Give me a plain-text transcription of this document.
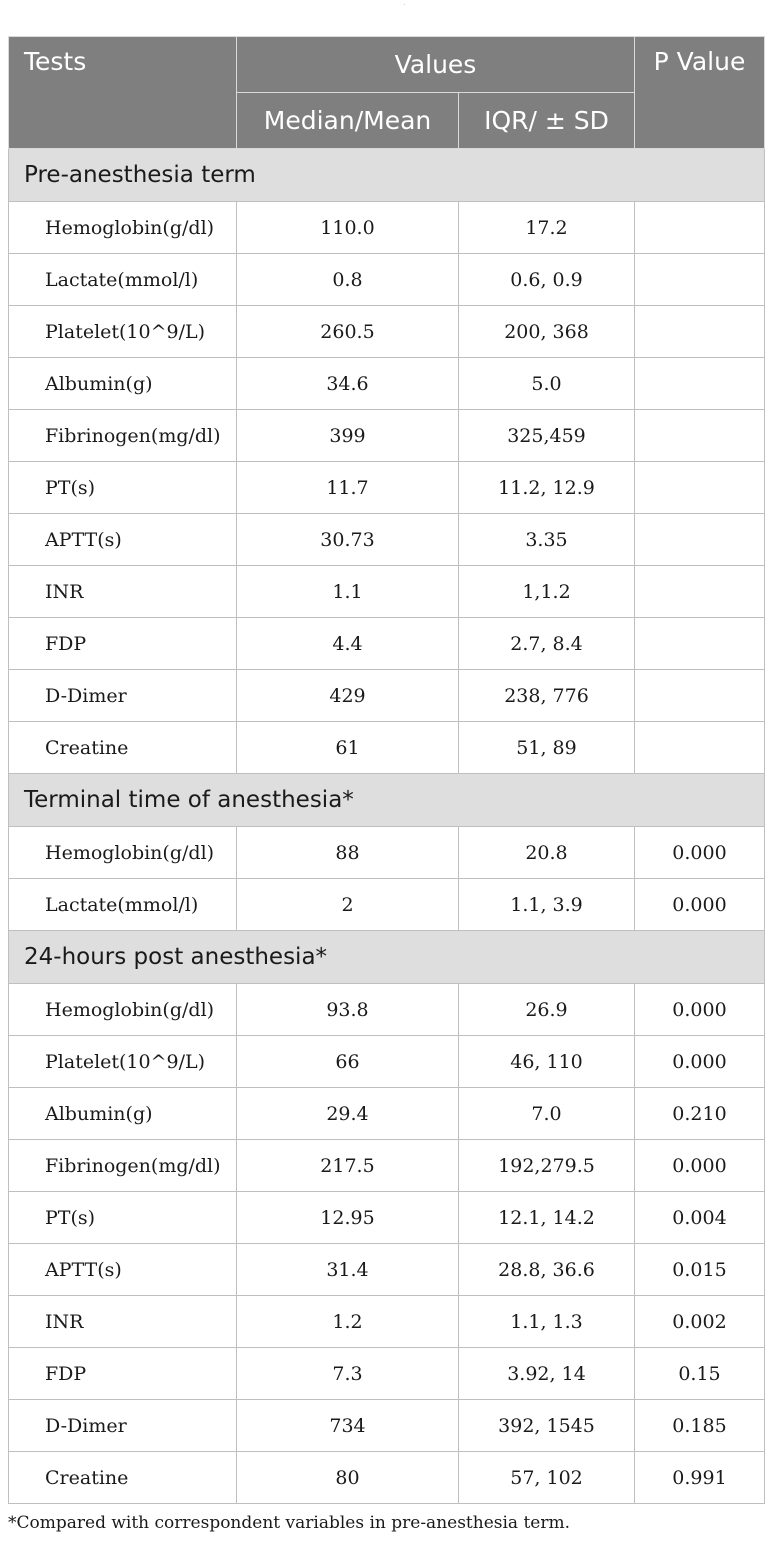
·
Tests	Values		P Value
	Median/Mean	IQR/ ± SD	
Pre-anesthesia term			
Hemoglobin(g/dl)	110.0	17.2	
Lactate(mmol/l)	0.8	0.6, 0.9	
Platelet(10^9/L)	260.5	200, 368	
Albumin(g)	34.6	5.0	
Fibrinogen(mg/dl)	399	325,459	
PT(s)	11.7	11.2, 12.9	
APTT(s)	30.73	3.35	
INR	1.1	1,1.2	
FDP	4.4	2.7, 8.4	
D-Dimer	429	238, 776	
Creatine	61	51, 89	
Terminal time of anesthesia*			
Hemoglobin(g/dl)	88	20.8	0.000
Lactate(mmol/l)	2	1.1, 3.9	0.000
24-hours post anesthesia*			
Hemoglobin(g/dl)	93.8	26.9	0.000
Platelet(10^9/L)	66	46, 110	0.000
Albumin(g)	29.4	7.0	0.210
Fibrinogen(mg/dl)	217.5	192,279.5	0.000
PT(s)	12.95	12.1, 14.2	0.004
APTT(s)	31.4	28.8, 36.6	0.015
INR	1.2	1.1, 1.3	0.002
FDP	7.3	3.92, 14	0.15
D-Dimer	734	392, 1545	0.185
Creatine	80	57, 102	0.991
*Compared with correspondent variables in pre-anesthesia term.
